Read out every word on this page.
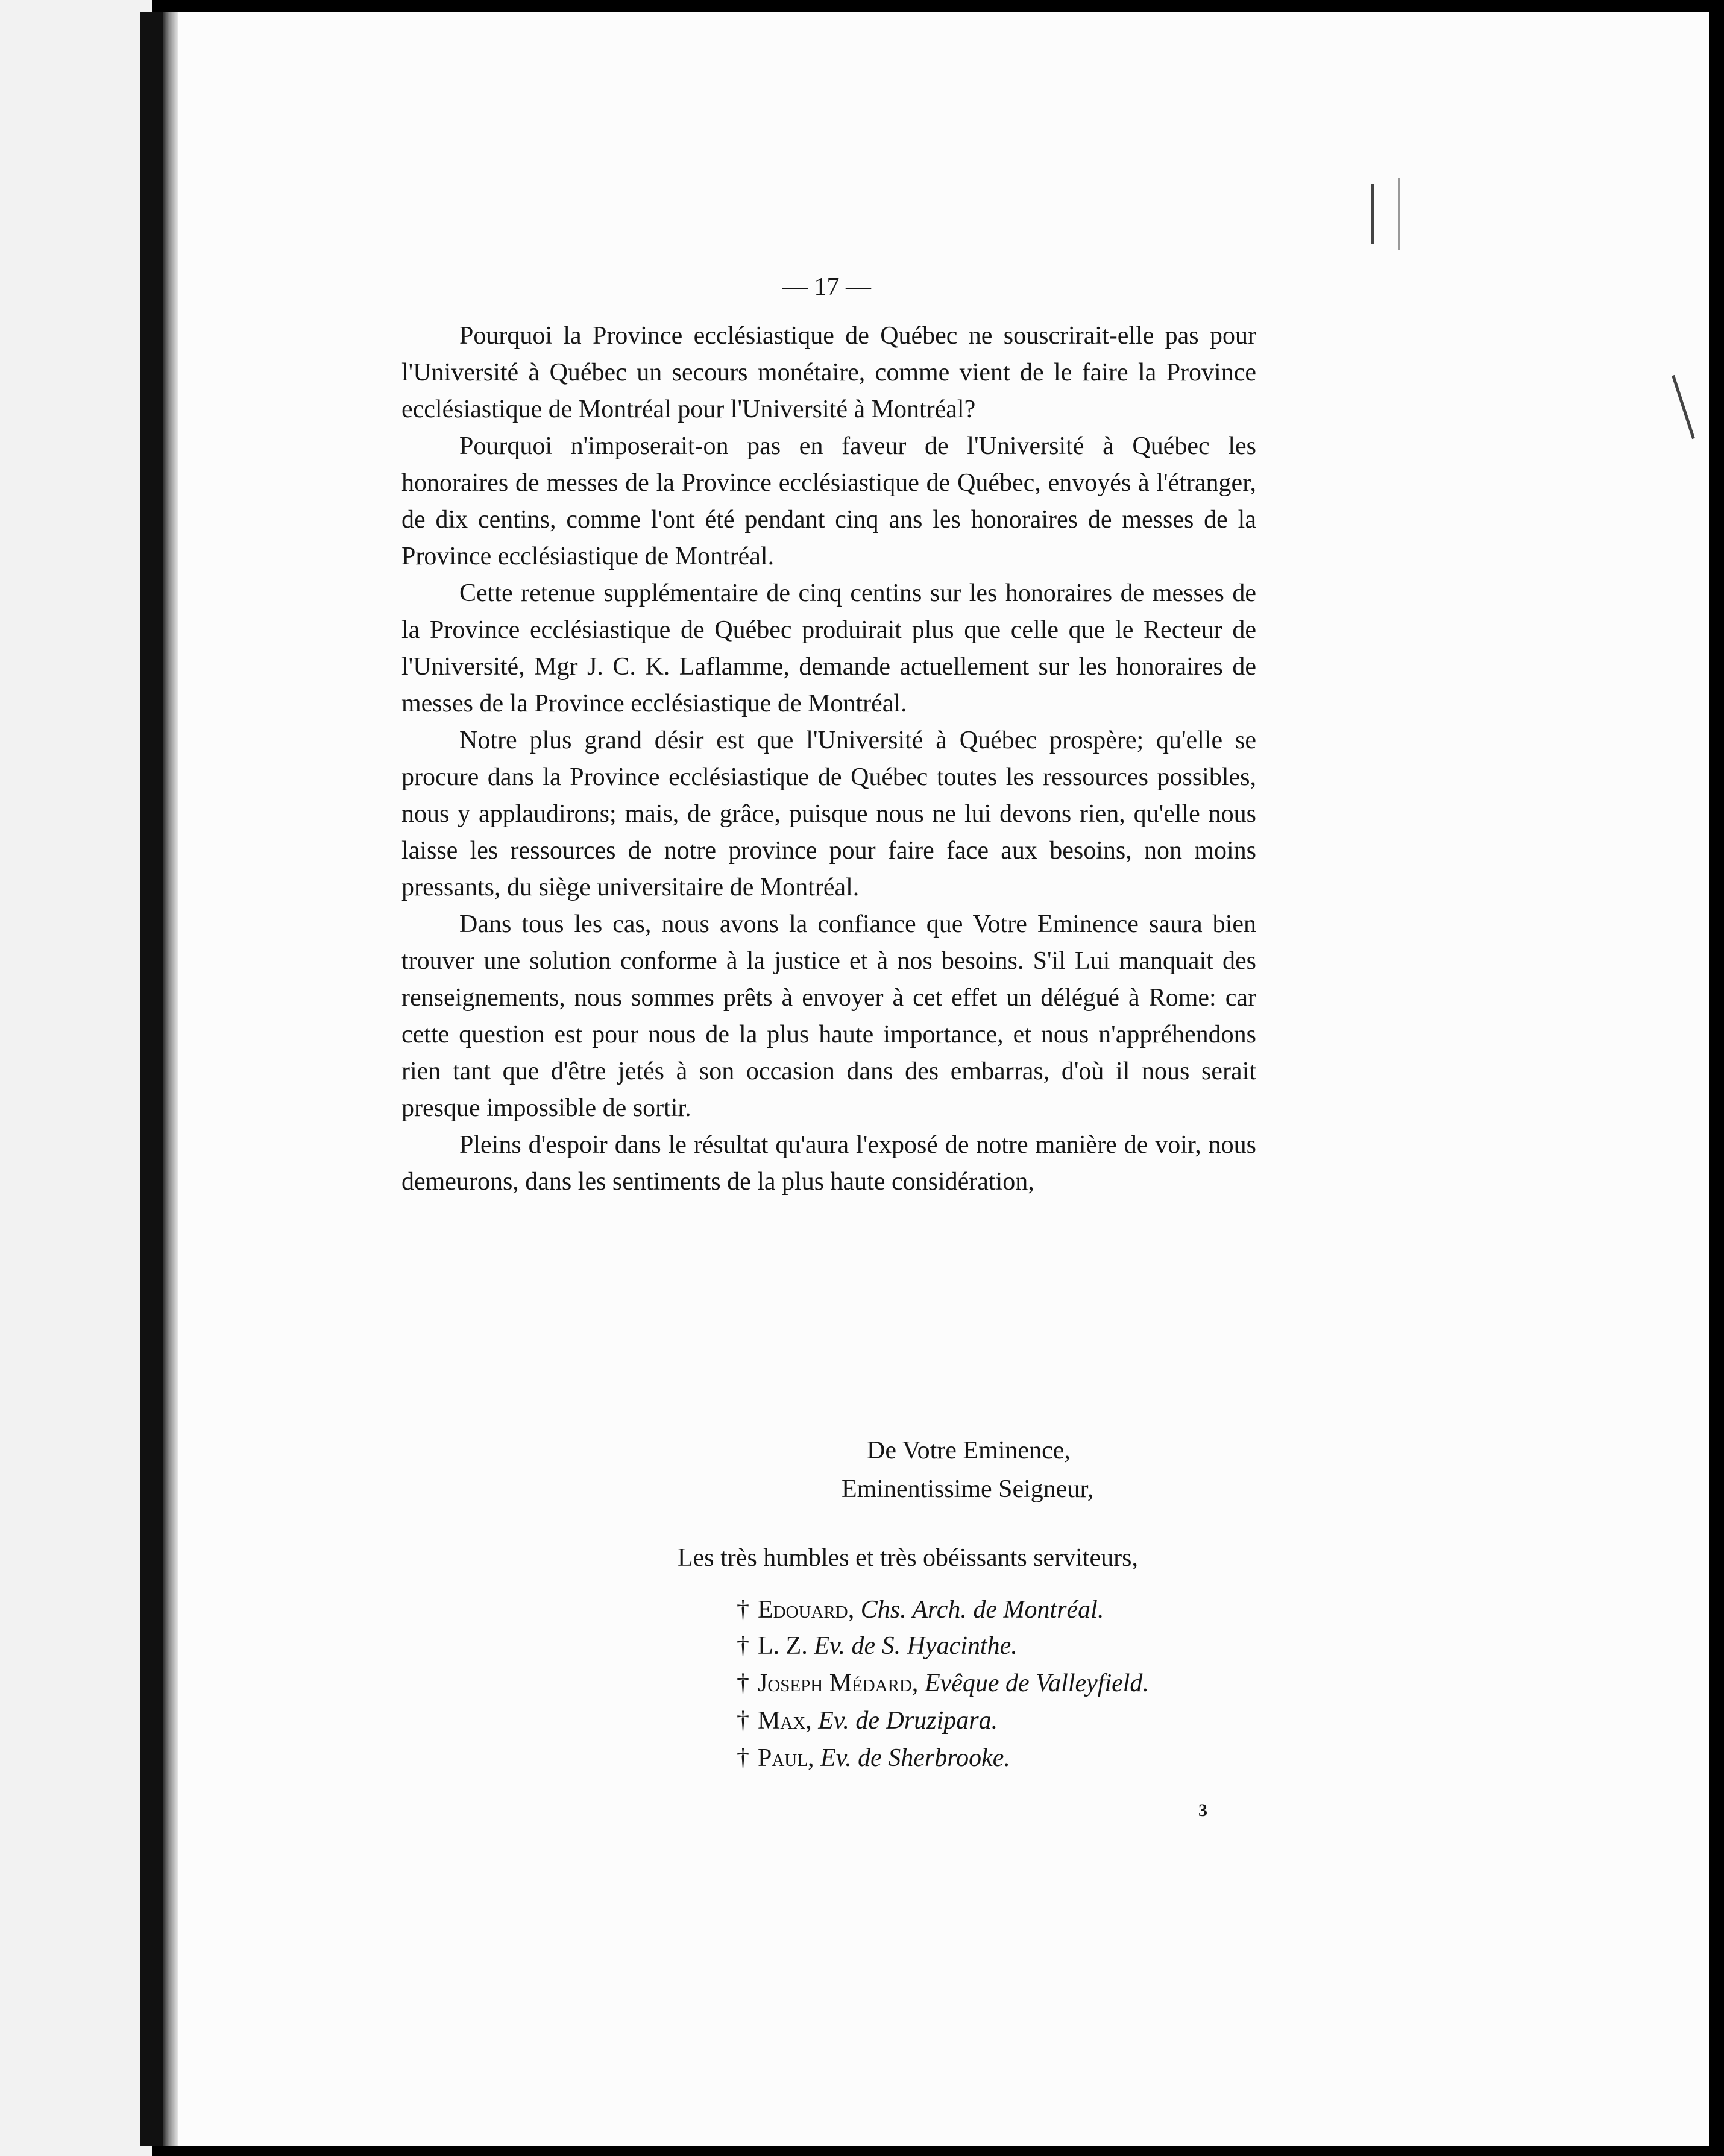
— 17 —

Pourquoi la Province ecclésiastique de Québec ne souscrirait-elle pas pour l'Université à Québec un secours monétaire, comme vient de le faire la Province ecclésiastique de Montréal pour l'Université à Montréal?

Pourquoi n'imposerait-on pas en faveur de l'Université à Québec les honoraires de messes de la Province ecclésiastique de Québec, envoyés à l'étranger, de dix centins, comme l'ont été pendant cinq ans les honoraires de messes de la Province ecclésiastique de Montréal.

Cette retenue supplémentaire de cinq centins sur les honoraires de messes de la Province ecclésiastique de Québec produirait plus que celle que le Recteur de l'Université, Mgr J. C. K. Laflamme, demande actuellement sur les honoraires de messes de la Province ecclésiastique de Montréal.

Notre plus grand désir est que l'Université à Québec prospère; qu'elle se procure dans la Province ecclésiastique de Québec toutes les ressources possibles, nous y applaudirons; mais, de grâce, puisque nous ne lui devons rien, qu'elle nous laisse les ressources de notre province pour faire face aux besoins, non moins pressants, du siège universitaire de Montréal.

Dans tous les cas, nous avons la confiance que Votre Eminence saura bien trouver une solution conforme à la justice et à nos besoins. S'il Lui manquait des renseignements, nous sommes prêts à envoyer à cet effet un délégué à Rome: car cette question est pour nous de la plus haute importance, et nous n'appréhendons rien tant que d'être jetés à son occasion dans des embarras, d'où il nous serait presque impossible de sortir.

Pleins d'espoir dans le résultat qu'aura l'exposé de notre manière de voir, nous demeurons, dans les sentiments de la plus haute considération,

De Votre Eminence,
Eminentissime Seigneur,
Les très humbles et très obéissants serviteurs,
† Edouard, Chs. Arch. de Montréal.
† L. Z. Ev. de S. Hyacinthe.
† Joseph Médard, Evêque de Valleyfield.
† Max, Ev. de Druzipara.
† Paul, Ev. de Sherbrooke.
3
